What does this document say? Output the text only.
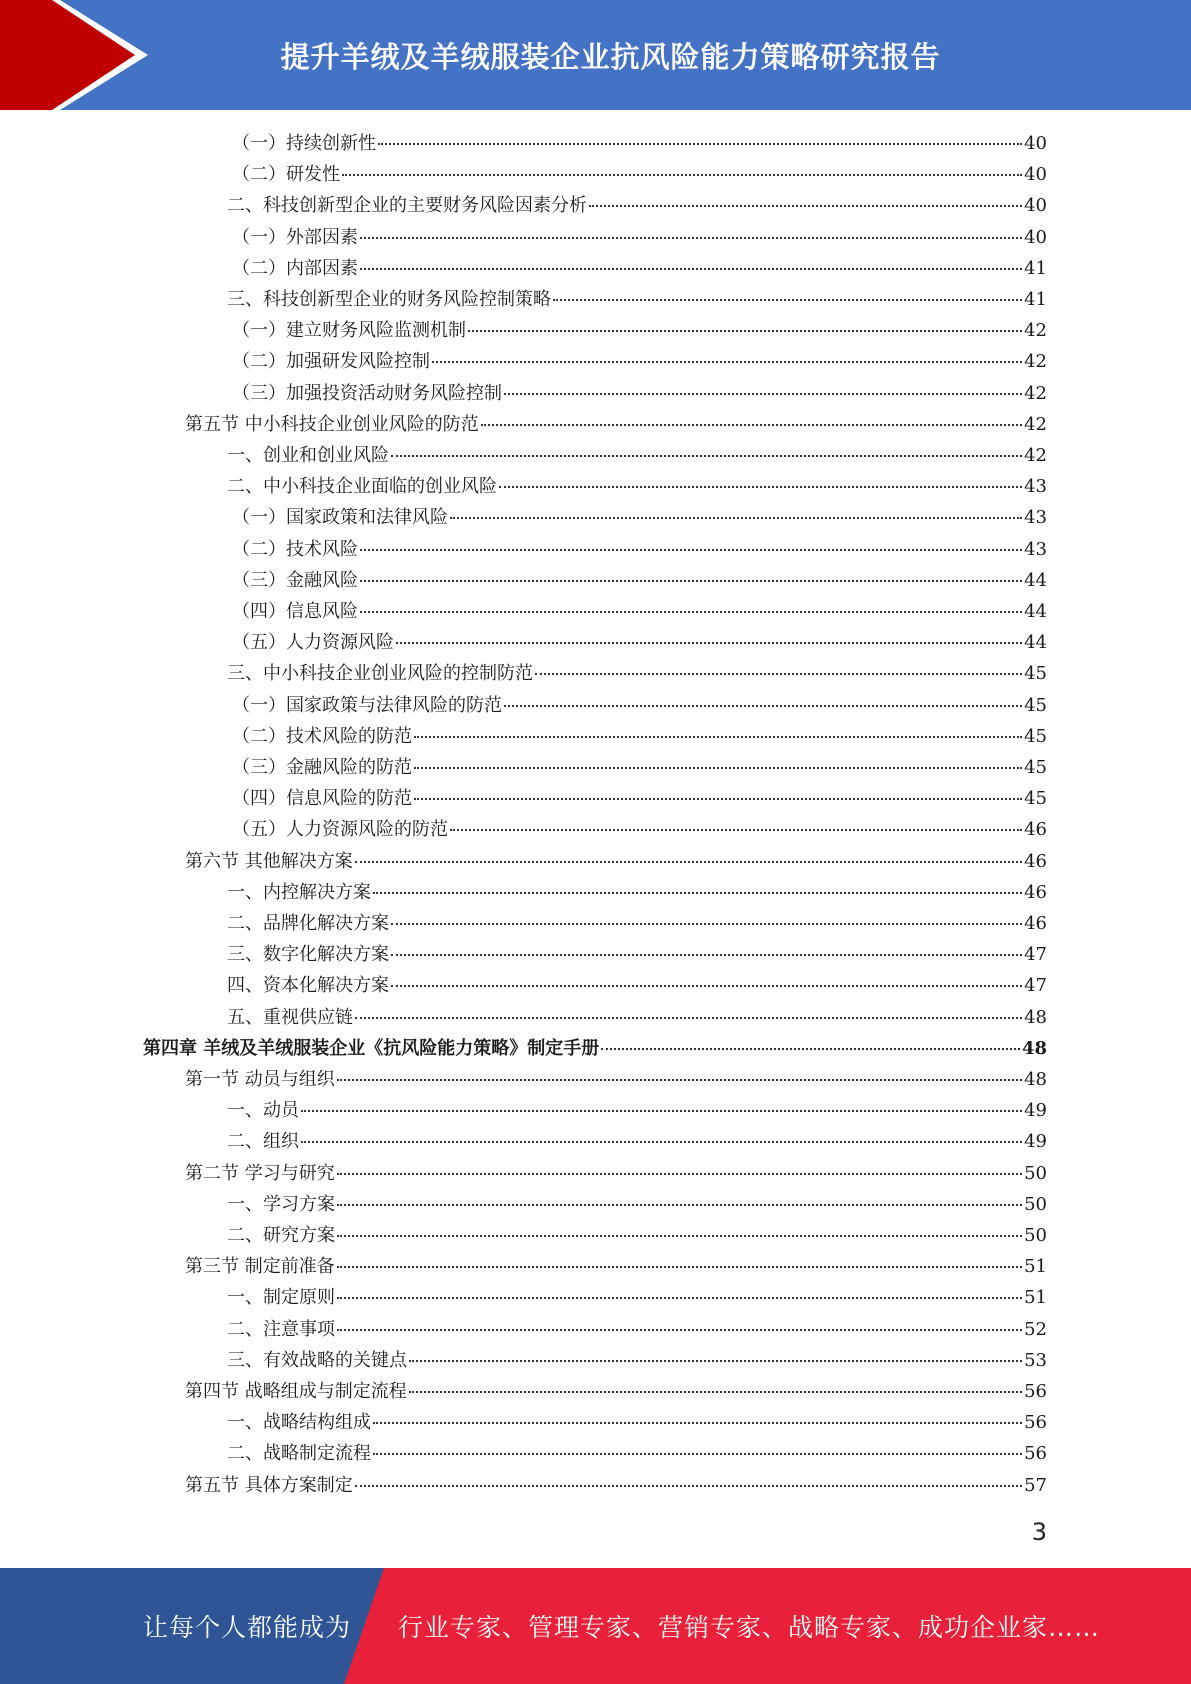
提升羊绒及羊绒服装企业抗风险能力策略研究报告
（一）持续创新性	40
（二）研发性	40
二、科技创新型企业的主要财务风险因素分析	40
（一）外部因素	40
（二）内部因素	41
三、科技创新型企业的财务风险控制策略	41
（一）建立财务风险监测机制	42
（二）加强研发风险控制	42
（三）加强投资活动财务风险控制	42
第五节 中小科技企业创业风险的防范	42
一、创业和创业风险	42
二、中小科技企业面临的创业风险	43
（一）国家政策和法律风险	43
（二）技术风险	43
（三）金融风险	44
（四）信息风险	44
（五）人力资源风险	44
三、中小科技企业创业风险的控制防范	45
（一）国家政策与法律风险的防范	45
（二）技术风险的防范	45
（三）金融风险的防范	45
（四）信息风险的防范	45
（五）人力资源风险的防范	46
第六节 其他解决方案	46
一、内控解决方案	46
二、品牌化解决方案	46
三、数字化解决方案	47
四、资本化解决方案	47
五、重视供应链	48
第四章 羊绒及羊绒服装企业《抗风险能力策略》制定手册	48
第一节 动员与组织	48
一、动员	49
二、组织	49
第二节 学习与研究	50
一、学习方案	50
二、研究方案	50
第三节 制定前准备	51
一、制定原则	51
二、注意事项	52
三、有效战略的关键点	53
第四节 战略组成与制定流程	56
一、战略结构组成	56
二、战略制定流程	56
第五节 具体方案制定	57
3
让每个人都能成为 行业专家、管理专家、营销专家、战略专家、成功企业家……
